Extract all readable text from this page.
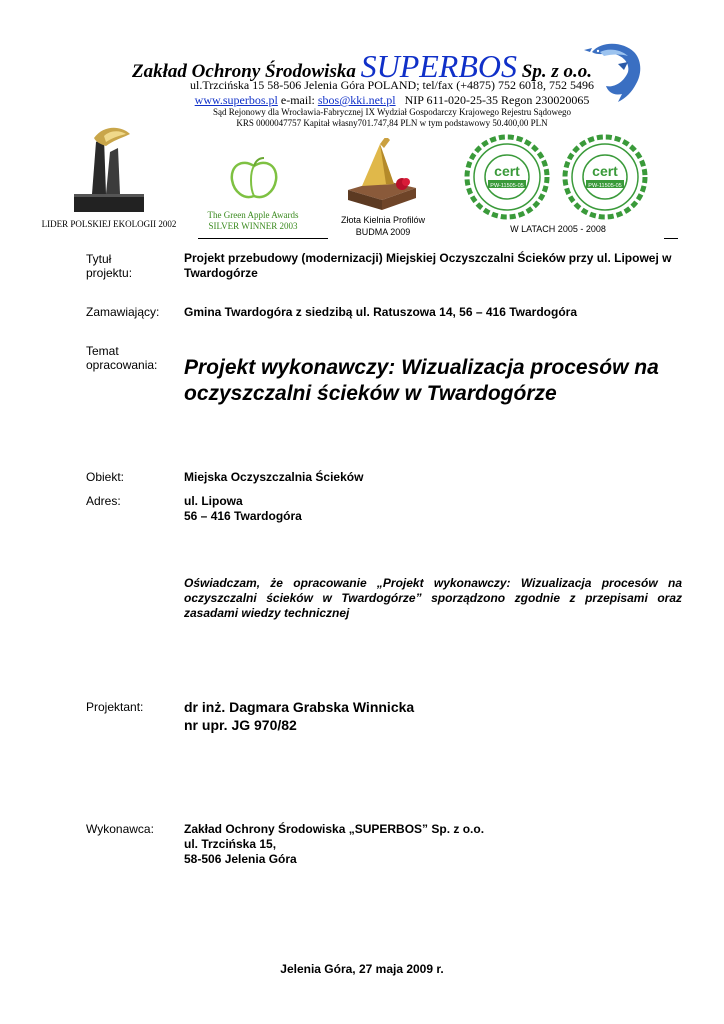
Zakład Ochrony Środowiska SUPERBOS Sp. z o.o.
ul.Trzcińska 15 58-506 Jelenia Góra POLAND; tel/fax (+4875) 752 6018, 752 5496
www.superbos.pl e-mail: sbos@kki.net.pl NIP 611-020-25-35 Regon 230020065
Sąd Rejonowy dla Wrocławia-Fabrycznej IX Wydział Gospodarczy Krajowego Rejestru Sądowego
KRS 0000047757 Kapitał własny701.747,84 PLN w tym podstawowy 50.400,00 PLN
LIDER POLSKIEJ EKOLOGII 2002
The Green Apple Awards
SILVER WINNER 2003
Złota Kielnia Profilów
BUDMA 2009
cert
PW-11505-05
cert
PW-11505-05
W LATACH 2005 - 2008
Tytuł
projektu:
Projekt przebudowy (modernizacji) Miejskiej Oczyszczalni Ścieków przy ul. Lipowej w Twardogórze
Zamawiający: Gmina Twardogóra z siedzibą ul. Ratuszowa 14, 56 – 416 Twardogóra
Temat
opracowania: Projekt wykonawczy: Wizualizacja procesów na oczyszczalni ścieków w Twardogórze
Obiekt:	Miejska Oczyszczalnia Ścieków
Adres:	ul. Lipowa
56 – 416 Twardogóra
Oświadczam, że opracowanie „Projekt wykonawczy: Wizualizacja procesów na oczyszczalni ścieków w Twardogórze” sporządzono zgodnie z przepisami oraz zasadami wiedzy technicznej
Projektant:	dr inż. Dagmara Grabska Winnicka
nr upr. JG 970/82
Wykonawca:	Zakład Ochrony Środowiska „SUPERBOS” Sp. z o.o.
ul. Trzcińska 15,
58-506 Jelenia Góra
Jelenia Góra, 27 maja 2009 r.
